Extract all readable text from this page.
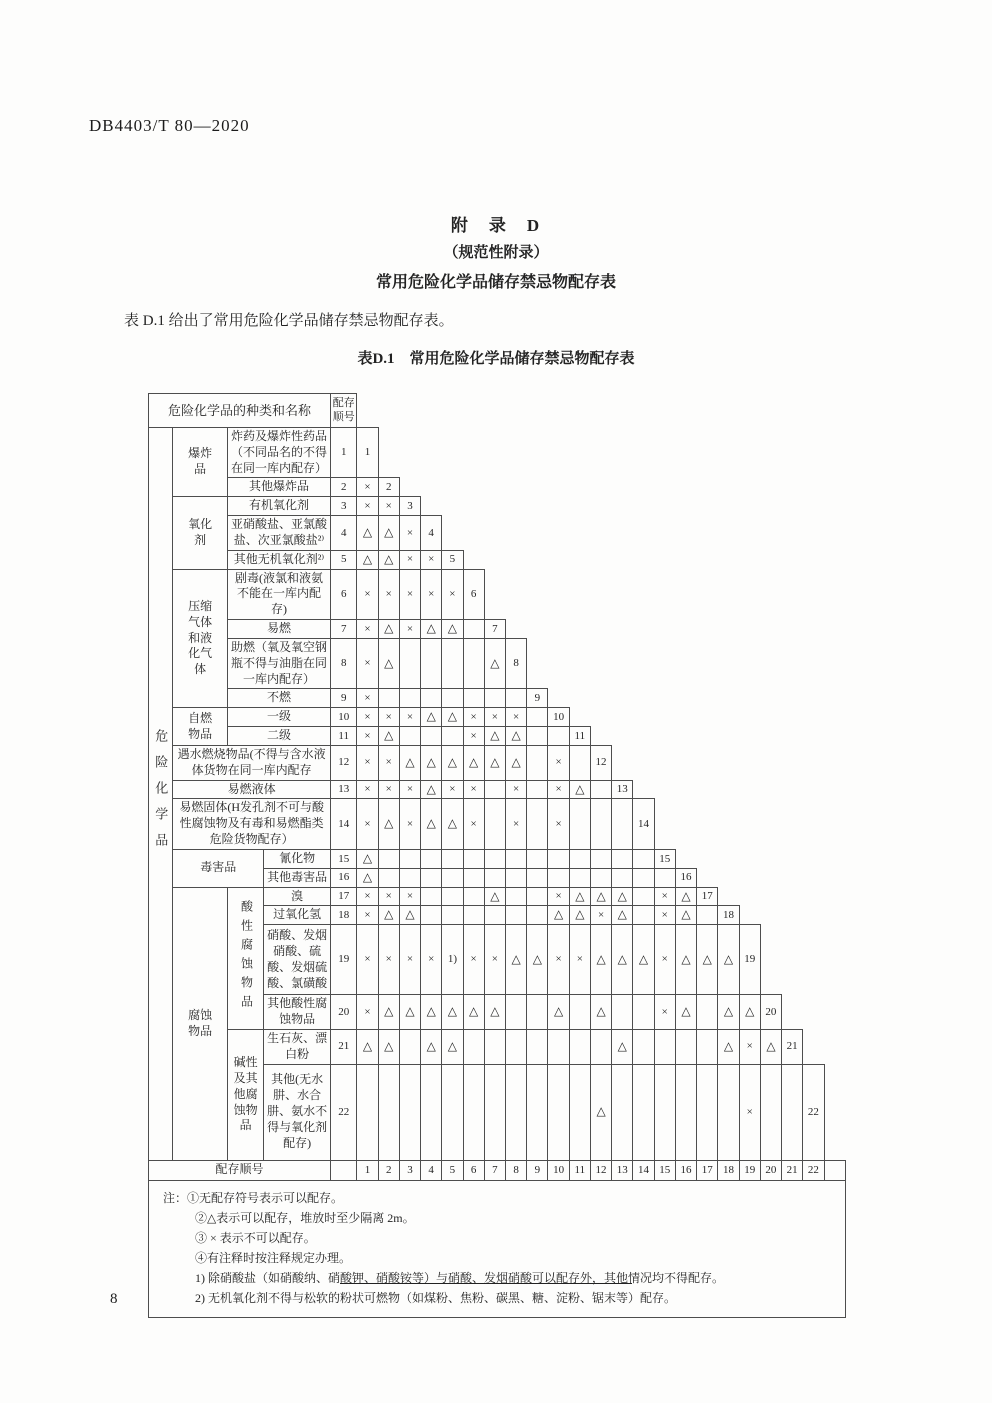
DB4403/T 80—2020
附　录　D
（规范性附录）
常用危险化学品储存禁忌物配存表
表 D.1 给出了常用危险化学品储存禁忌物配存表。
表D.1　常用危险化学品储存禁忌物配存表
危险化学品的种类和名称				配存顺号																							
危险化学品	爆炸品	炸药及爆炸性药品（不同品名的不得在同一库内配存）		1	1																						
		其他爆炸品		2	×	2																					
	氧化剂	有机氧化剂		3	×	×	3																				
		亚硝酸盐、亚氯酸盐、次亚氯酸盐²⁾		4	△	△	×	4																			
		其他无机氧化剂²⁾		5	△	△	×	×	5																		
	压缩气体和液化气体	剧毒(液氯和液氨不能在一库内配存)		6	×	×	×	×	×	6																	
		易燃		7	×	△	×	△	△		7																
		助燃（氧及氧空钢瓶不得与油脂在同一库内配存）		8	×	△					△	8															
		不燃		9	×								9														
	自燃物品	一级		10	×	×	×	△	△	×	×	×		10													
		二级		11	×	△				×	△	△			11												
	遇水燃烧物品(不得与含水液体货物在同一库内配存			12	×	×	△	△	△	△	△	△		×		12											
	易燃液体			13	×	×	×	△	×	×		×		×	△		13										
	易燃固体(H发孔剂不可与酸性腐蚀物及有毒和易燃酯类危险货物配存）			14	×	△	×	△	△	×		×		×				14									
	毒害品		氰化物	15	△														15								
			其他毒害品	16	△															16							
	腐蚀物品	酸性腐蚀物品	溴	17	×	×	×				△			×	△	△	△		×	△	17						
			过氧化氢	18	×	△	△							△	△	×	△		×	△		18					
			硝酸、发烟硝酸、硫酸、发烟硫酸、氯磺酸	19	×	×	×	×	1)	×	×	△	△	×	×	△	△	△	×	△	△	△	19				
			其他酸性腐蚀物品	20	×	△	△	△	△	△	△			△		△			×	△		△	△	20			
		碱性及其他腐蚀物品	生石灰、漂白粉	21	△	△		△	△								△					△	×	△	21		
			其他(无水肼、水合肼、氨水不得与氧化剂配存)	22												△							×			22	
配存顺号					1	2	3	4	5	6	7	8	9	10	11	12	13	14	15	16	17	18	19	20	21	22	

注：①无配存符号表示可以配存。
②△表示可以配存，堆放时至少隔离 2m。
③ × 表示不可以配存。
④有注释时按注释规定办理。
1) 除硝酸盐（如硝酸纳、硝酸钾、硝酸铵等）与硝酸、发烟硝酸可以配存外，其他情况均不得配存。
2) 无机氧化剂不得与松软的粉状可燃物（如煤粉、焦粉、碳黑、糖、淀粉、锯末等）配存。
8
